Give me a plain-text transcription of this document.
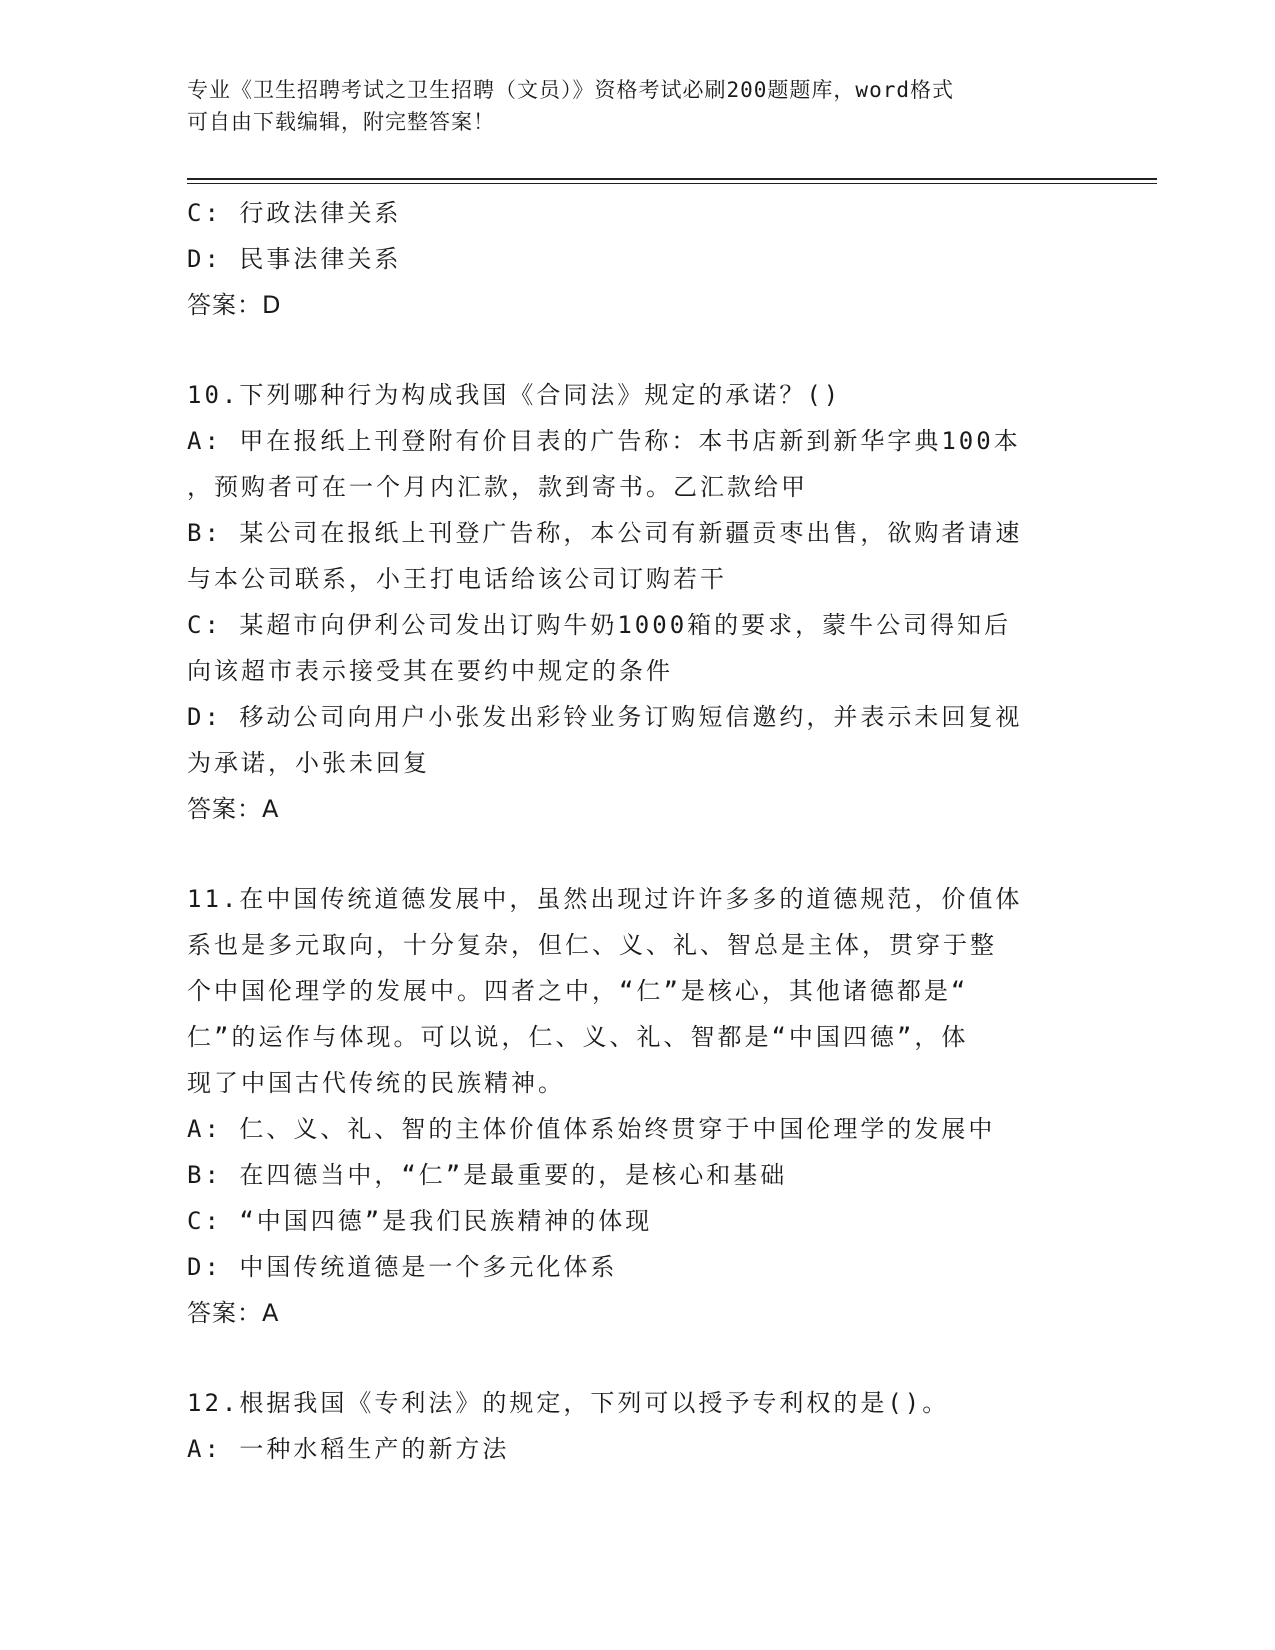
专业《卫生招聘考试之卫生招聘（文员）》资格考试必刷200题题库，word格式
可自由下载编辑，附完整答案！
C: 行政法律关系
D: 民事法律关系
答案：D
10.下列哪种行为构成我国《合同法》规定的承诺？()
A: 甲在报纸上刊登附有价目表的广告称：本书店新到新华字典100本
，预购者可在一个月内汇款，款到寄书。乙汇款给甲
B: 某公司在报纸上刊登广告称，本公司有新疆贡枣出售，欲购者请速
与本公司联系，小王打电话给该公司订购若干
C: 某超市向伊利公司发出订购牛奶1000箱的要求，蒙牛公司得知后
向该超市表示接受其在要约中规定的条件
D: 移动公司向用户小张发出彩铃业务订购短信邀约，并表示未回复视
为承诺，小张未回复
答案：A
11.在中国传统道德发展中，虽然出现过许许多多的道德规范，价值体
系也是多元取向，十分复杂，但仁、义、礼、智总是主体，贯穿于整
个中国伦理学的发展中。四者之中，“仁”是核心，其他诸德都是“
仁”的运作与体现。可以说，仁、义、礼、智都是“中国四德”，体
现了中国古代传统的民族精神。
A: 仁、义、礼、智的主体价值体系始终贯穿于中国伦理学的发展中
B: 在四德当中，“仁”是最重要的，是核心和基础
C: “中国四德”是我们民族精神的体现
D: 中国传统道德是一个多元化体系
答案：A
12.根据我国《专利法》的规定，下列可以授予专利权的是()。
A: 一种水稻生产的新方法
